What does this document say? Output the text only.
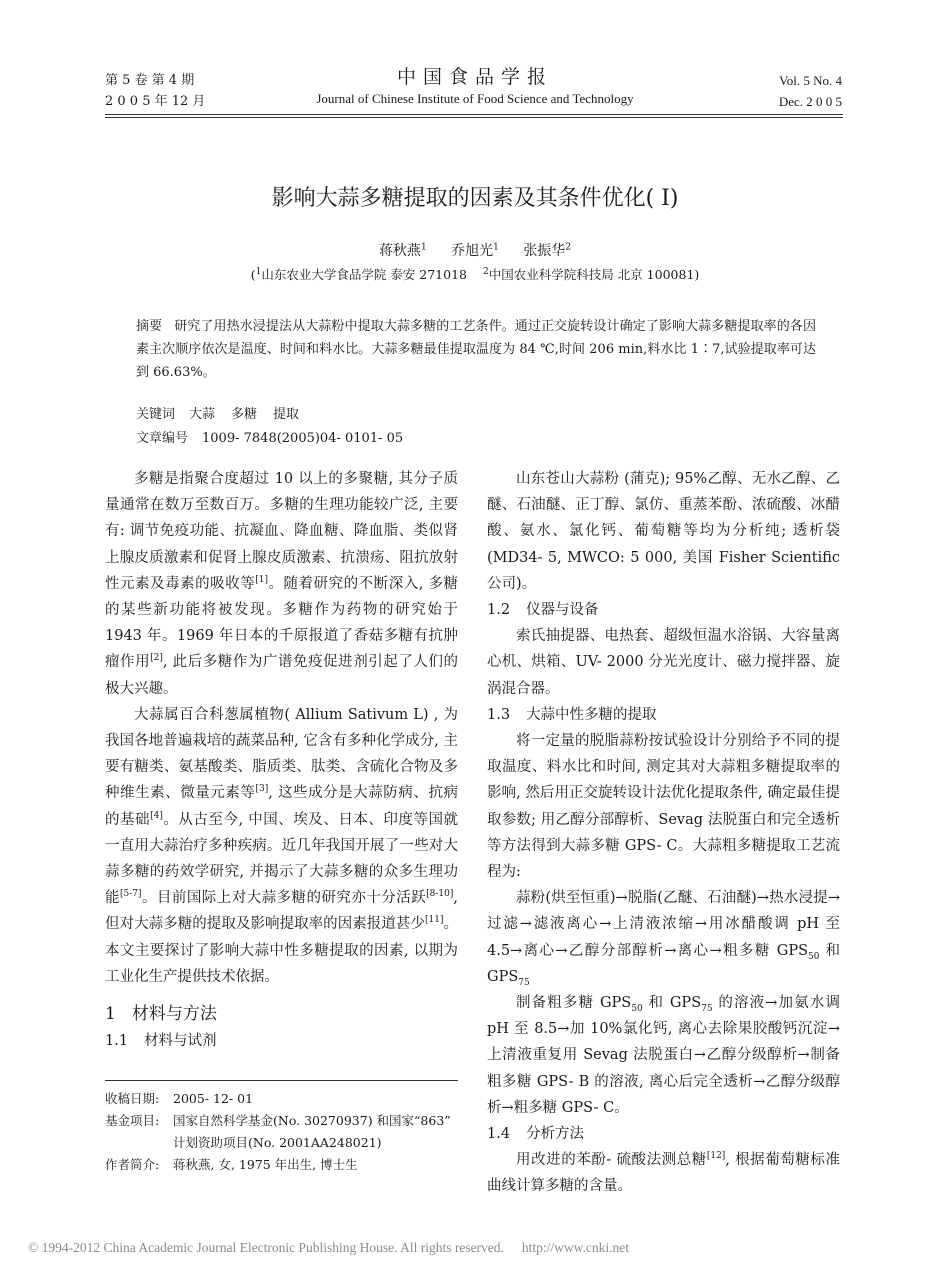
第 5 卷 第 4 期
2 0 0 5 年 12 月
中国食品学报
Journal of Chinese Institute of Food Science and Technology
Vol. 5 No. 4
Dec. 2 0 0 5
影响大蒜多糖提取的因素及其条件优化( Ⅰ)
蒋秋燕$^1$ 乔旭光$^1$ 张振华$^2$
($^1$山东农业大学食品学院 泰安 271018 $^2$中国农业科学院科技局 北京 100081)
摘要 研究了用热水浸提法从大蒜粉中提取大蒜多糖的工艺条件。通过正交旋转设计确定了影响大蒜多糖提取率的各因素主次顺序依次是温度、时间和料水比。大蒜多糖最佳提取温度为 84 ℃,时间 206 min,料水比 1∶7,试验提取率可达到 66.63%。
关键词 大蒜 多糖 提取
文章编号 1009- 7848(2005)04- 0101- 05

多糖是指聚合度超过 10 以上的多聚糖, 其分子质量通常在数万至数百万。多糖的生理功能较广泛, 主要有: 调节免疫功能、抗凝血、降血糖、降血脂、类似肾上腺皮质激素和促肾上腺皮质激素、抗溃疡、阻抗放射性元素及毒素的吸收等[1]。随着研究的不断深入, 多糖的某些新功能将被发现。多糖作为药物的研究始于 1943 年。1969 年日本的千原报道了香菇多糖有抗肿瘤作用[2], 此后多糖作为广谱免疫促进剂引起了人们的极大兴趣。

大蒜属百合科葱属植物( Allium Sativum L) , 为我国各地普遍栽培的蔬菜品种, 它含有多种化学成分, 主要有糖类、氨基酸类、脂质类、肽类、含硫化合物及多种维生素、微量元素等[3], 这些成分是大蒜防病、抗病的基础[4]。从古至今, 中国、埃及、日本、印度等国就一直用大蒜治疗多种疾病。近几年我国开展了一些对大蒜多糖的药效学研究, 并揭示了大蒜多糖的众多生理功能[5-7]。目前国际上对大蒜多糖的研究亦十分活跃[8-10], 但对大蒜多糖的提取及影响提取率的因素报道甚少[11]。本文主要探讨了影响大蒜中性多糖提取的因素, 以期为工业化生产提供技术依据。

1 材料与方法
1.1 材料与试剂
收稿日期:	2005- 12- 01
基金项目:	国家自然科学基金(No. 30270937) 和国家“863” 计划资助项目(No. 2001AA248021)
作者简介:	蒋秋燕, 女, 1975 年出生, 博士生

山东苍山大蒜粉 (蒲克); 95%乙醇、无水乙醇、乙醚、石油醚、正丁醇、氯仿、重蒸苯酚、浓硫酸、冰醋酸、氨水、氯化钙、葡萄糖等均为分析纯; 透析袋(MD34- 5, MWCO: 5 000, 美国 Fisher Scientific 公司)。

1.2 仪器与设备

索氏抽提器、电热套、超级恒温水浴锅、大容量离心机、烘箱、UV- 2000 分光光度计、磁力搅拌器、旋涡混合器。

1.3 大蒜中性多糖的提取

将一定量的脱脂蒜粉按试验设计分别给予不同的提取温度、料水比和时间, 测定其对大蒜粗多糖提取率的影响, 然后用正交旋转设计法优化提取条件, 确定最佳提取参数; 用乙醇分部醇析、Sevag 法脱蛋白和完全透析等方法得到大蒜多糖 GPS- C。大蒜粗多糖提取工艺流程为:

蒜粉(烘至恒重)→脱脂(乙醚、石油醚)→热水浸提→过滤→滤液离心→上清液浓缩→用冰醋酸调 pH 至 4.5→离心→乙醇分部醇析→离心→粗多糖 $GPS_{50}$ 和 $GPS_{75}$

制备粗多糖 $GPS_{50}$ 和 $GPS_{75}$ 的溶液→加氨水调 pH 至 8.5→加 10%氯化钙, 离心去除果胶酸钙沉淀→上清液重复用 Sevag 法脱蛋白→乙醇分级醇析→制备粗多糖 GPS- B 的溶液, 离心后完全透析→乙醇分级醇析→粗多糖 GPS- C。

1.4 分析方法

用改进的苯酚- 硫酸法测总糖[12], 根据葡萄糖标准曲线计算多糖的含量。

© 1994-2012 China Academic Journal Electronic Publishing House. All rights reserved. http://www.cnki.net
